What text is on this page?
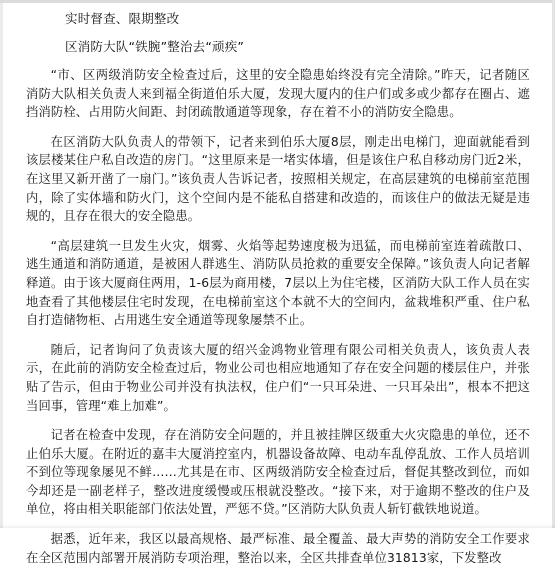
实时督查、限期整改

区消防大队“铁腕”整治去“顽疾”

“市、区两级消防安全检查过后，这里的安全隐患始终没有完全清除。”昨天，记者随区消防大队相关负责人来到福全街道伯乐大厦，发现大厦内的住户们或多或少都存在圈占、遮挡消防栓、占用防火间距、封闭疏散通道等现象，存在着不小的消防安全隐患。

在区消防大队负责人的带领下，记者来到伯乐大厦8层，刚走出电梯门，迎面就能看到该层楼某住户私自改造的房门。“这里原来是一堵实体墙，但是该住户私自移动房门近2米，在这里又新开凿了一扇门。”该负责人告诉记者，按照相关规定，在高层建筑的电梯前室范围内，除了实体墙和防火门，这个空间内是不能私自搭建和改造的，而该住户的做法无疑是违规的，且存在很大的安全隐患。

“高层建筑一旦发生火灾，烟雾、火焰等起势速度极为迅猛，而电梯前室连着疏散口、逃生通道和消防通道，是被困人群逃生、消防队员抢救的重要安全保障。”该负责人向记者解释道。由于该大厦商住两用，1-6层为商用楼，7层以上为住宅楼，区消防大队工作人员在实地查看了其他楼层住宅时发现，在电梯前室这个本就不大的空间内，盆栽堆积严重、住户私自打造储物柜、占用逃生安全通道等现象屡禁不止。

随后，记者询问了负责该大厦的绍兴金鸿物业管理有限公司相关负责人，该负责人表示，在此前的消防安全检查过后，物业公司也相应地通知了存在安全问题的楼层住户，并张贴了告示，但由于物业公司并没有执法权，住户们“一只耳朵进、一只耳朵出”，根本不把这当回事，管理“难上加难”。

记者在检查中发现，存在消防安全问题的，并且被挂牌区级重大火灾隐患的单位，还不止伯乐大厦。在附近的嘉丰大厦消控室内，机器设备故障、电动车乱停乱放、工作人员培训不到位等现象屡见不鲜……尤其是在市、区两级消防安全检查过后，督促其整改到位，而如今却还是一副老样子，整改进度缓慢或压根就没整改。“接下来，对于逾期不整改的住户及单位，将由相关职能部门依法处置，严惩不贷。”区消防大队负责人斩钉截铁地说道。

据悉，近年来，我区以最高规格、最严标准、最全覆盖、最大声势的消防安全工作要求在全区范围内部署开展消防专项治理，整治以来，全区共排查单位31813家，下发整改
